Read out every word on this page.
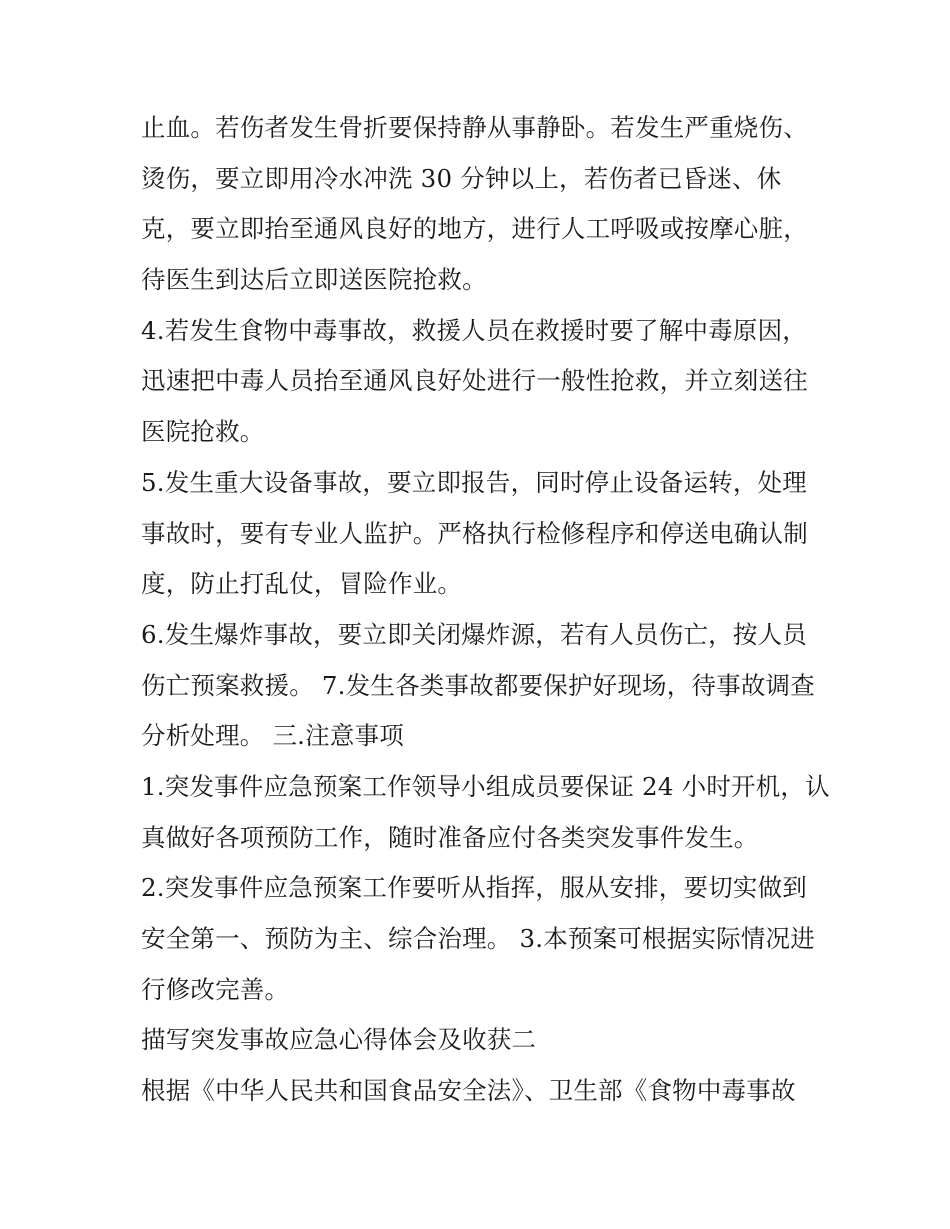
止血。若伤者发生骨折要保持静从事静卧。若发生严重烧伤、
烫伤，要立即用冷水冲洗 30 分钟以上，若伤者已昏迷、休
克，要立即抬至通风良好的地方，进行人工呼吸或按摩心脏，
待医生到达后立即送医院抢救。
4.若发生食物中毒事故，救援人员在救援时要了解中毒原因，
迅速把中毒人员抬至通风良好处进行一般性抢救，并立刻送往
医院抢救。
5.发生重大设备事故，要立即报告，同时停止设备运转，处理
事故时，要有专业人监护。严格执行检修程序和停送电确认制
度，防止打乱仗，冒险作业。
6.发生爆炸事故，要立即关闭爆炸源，若有人员伤亡，按人员
伤亡预案救援。 7.发生各类事故都要保护好现场，待事故调查
分析处理。 三.注意事项
1.突发事件应急预案工作领导小组成员要保证 24 小时开机，认
真做好各项预防工作，随时准备应付各类突发事件发生。
2.突发事件应急预案工作要听从指挥，服从安排，要切实做到
安全第一、预防为主、综合治理。 3.本预案可根据实际情况进
行修改完善。
描写突发事故应急心得体会及收获二
根据《中华人民共和国食品安全法》、卫生部《食物中毒事故
